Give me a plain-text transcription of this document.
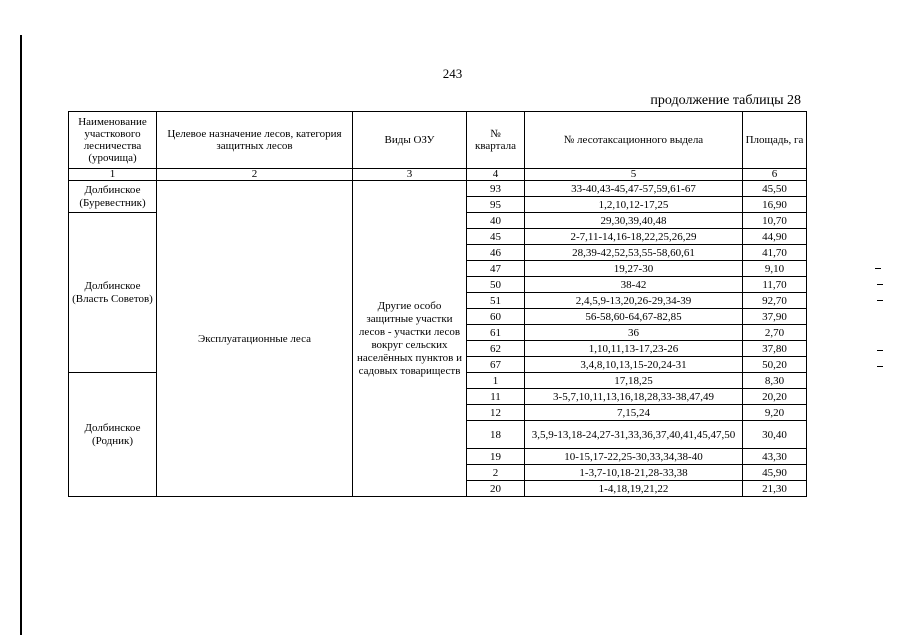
243
продолжение таблицы 28
Наименование участкового лесничества (урочища)	Целевое назначение лесов, категория защитных лесов	Виды ОЗУ	№ квартала	№ лесотаксационного выдела	Площадь, га
1	2	3	4	5	6
Долбинское (Буревестник)	Эксплуатационные леса	Другие особо защитные участки лесов - участки лесов вокруг сельских населённых пунктов и садовых товариществ	93	33-40,43-45,47-57,59,61-67	45,50
			95	1,2,10,12-17,25	16,90
Долбинское (Власть Советов)			40	29,30,39,40,48	10,70
			45	2-7,11-14,16-18,22,25,26,29	44,90
			46	28,39-42,52,53,55-58,60,61	41,70
			47	19,27-30	9,10
			50	38-42	11,70
			51	2,4,5,9-13,20,26-29,34-39	92,70
			60	56-58,60-64,67-82,85	37,90
			61	36	2,70
			62	1,10,11,13-17,23-26	37,80
			67	3,4,8,10,13,15-20,24-31	50,20
Долбинское (Родник)			1	17,18,25	8,30
			11	3-5,7,10,11,13,16,18,28,33-38,47,49	20,20
			12	7,15,24	9,20
			18	3,5,9-13,18-24,27-31,33,36,37,40,41,45,47,50	30,40
			19	10-15,17-22,25-30,33,34,38-40	43,30
			2	1-3,7-10,18-21,28-33,38	45,90
			20	1-4,18,19,21,22	21,30
